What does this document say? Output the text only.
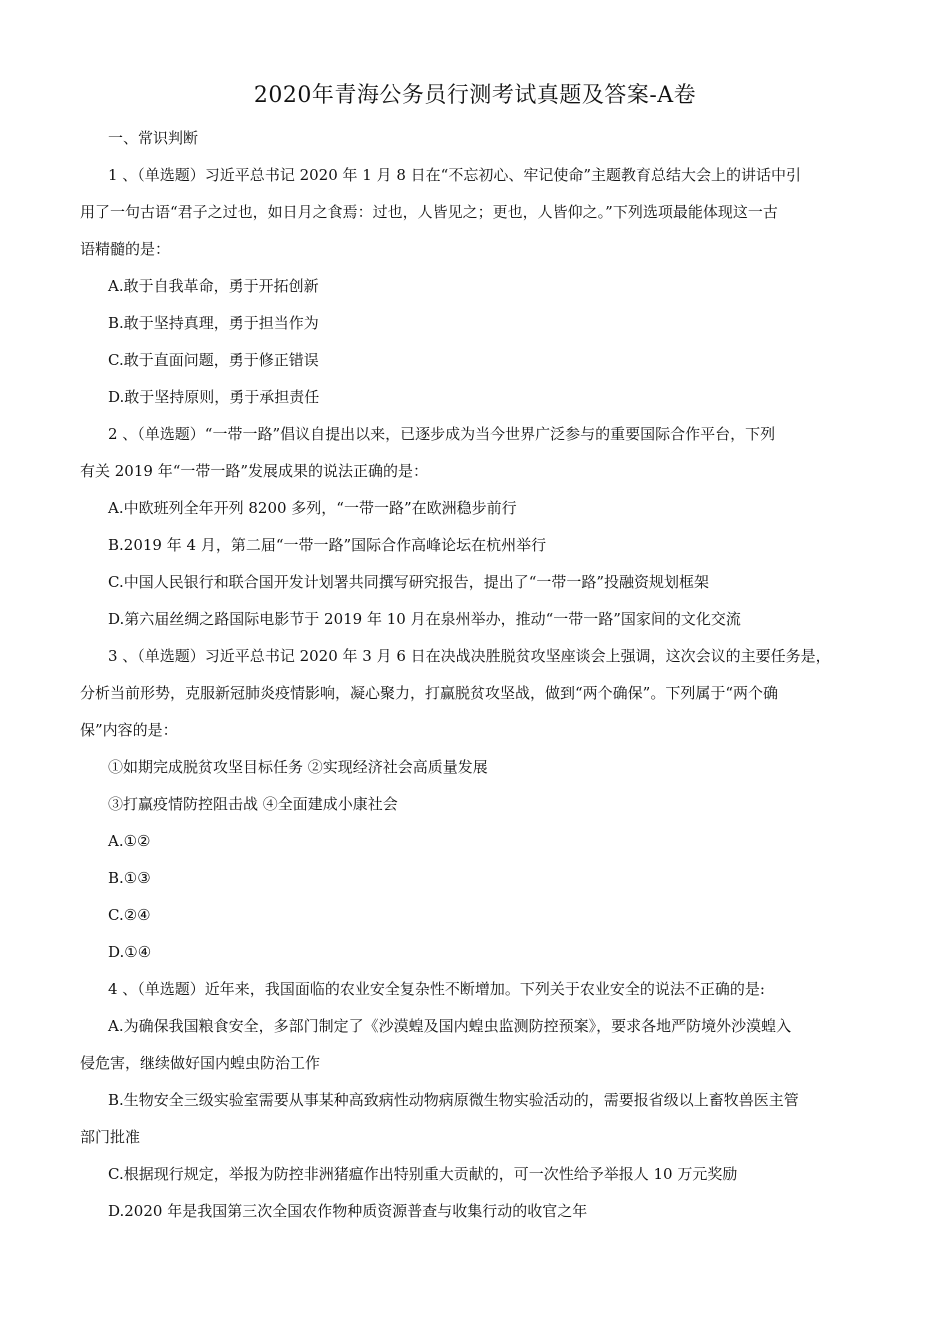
2020年青海公务员行测考试真题及答案-A卷

一、常识判断

1 、（单选题）习近平总书记 2020 年 1 月 8 日在“不忘初心、牢记使命”主题教育总结大会上的讲话中引

用了一句古语“君子之过也，如日月之食焉：过也，人皆见之；更也，人皆仰之。”下列选项最能体现这一古

语精髓的是：

A.敢于自我革命，勇于开拓创新

B.敢于坚持真理，勇于担当作为

C.敢于直面问题，勇于修正错误

D.敢于坚持原则，勇于承担责任

2 、（单选题）“一带一路”倡议自提出以来，已逐步成为当今世界广泛参与的重要国际合作平台，下列

有关 2019 年“一带一路”发展成果的说法正确的是：

A.中欧班列全年开列 8200 多列，“一带一路”在欧洲稳步前行

B.2019 年 4 月，第二届“一带一路”国际合作高峰论坛在杭州举行

C.中国人民银行和联合国开发计划署共同撰写研究报告，提出了“一带一路”投融资规划框架

D.第六届丝绸之路国际电影节于 2019 年 10 月在泉州举办，推动“一带一路”国家间的文化交流

3 、（单选题）习近平总书记 2020 年 3 月 6 日在决战决胜脱贫攻坚座谈会上强调，这次会议的主要任务是，

分析当前形势，克服新冠肺炎疫情影响，凝心聚力，打赢脱贫攻坚战，做到“两个确保”。下列属于“两个确

保”内容的是：

①如期完成脱贫攻坚目标任务 ②实现经济社会高质量发展

③打赢疫情防控阻击战 ④全面建成小康社会

A.①②

B.①③

C.②④

D.①④

4 、（单选题）近年来，我国面临的农业安全复杂性不断增加。下列关于农业安全的说法不正确的是:

A.为确保我国粮食安全，多部门制定了《沙漠蝗及国内蝗虫监测防控预案》，要求各地严防境外沙漠蝗入

侵危害，继续做好国内蝗虫防治工作

B.生物安全三级实验室需要从事某种高致病性动物病原微生物实验活动的，需要报省级以上畜牧兽医主管

部门批准

C.根据现行规定，举报为防控非洲猪瘟作出特别重大贡献的，可一次性给予举报人 10 万元奖励

D.2020 年是我国第三次全国农作物种质资源普查与收集行动的收官之年
